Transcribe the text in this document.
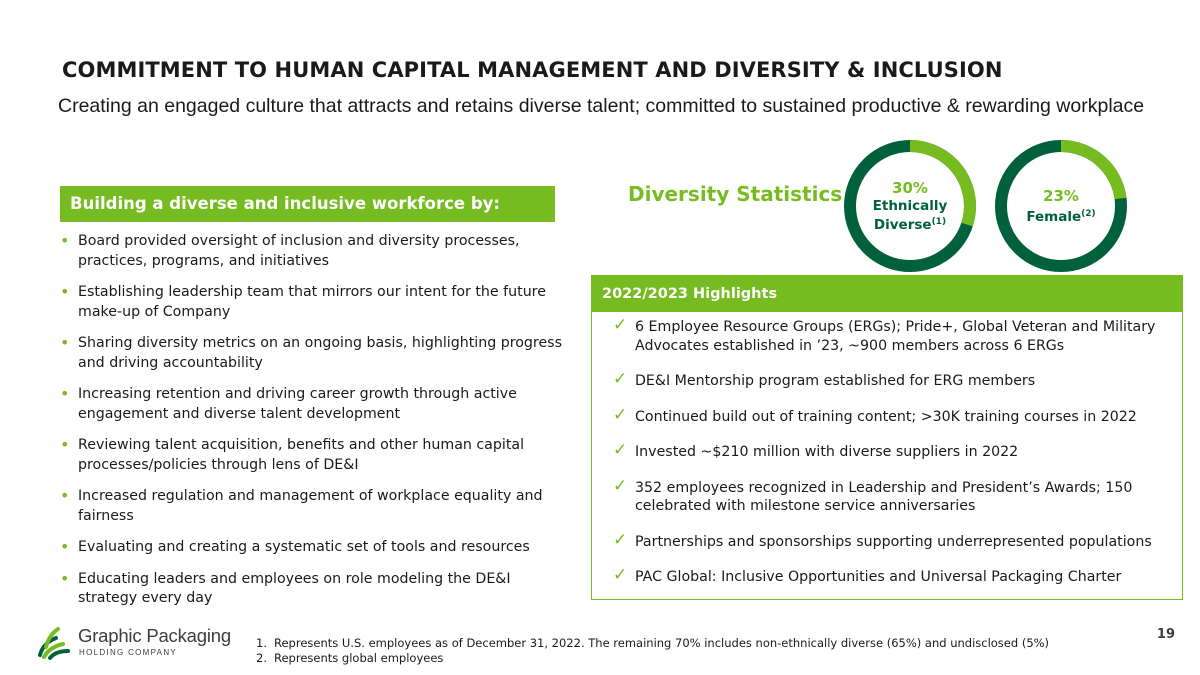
COMMITMENT TO HUMAN CAPITAL MANAGEMENT AND DIVERSITY & INCLUSION

Creating an engaged culture that attracts and retains diverse talent; committed to sustained productive & rewarding workplace

Building a diverse and inclusive workforce by:
• Board provided oversight of inclusion and diversity processes, practices, programs, and initiatives
• Establishing leadership team that mirrors our intent for the future make-up of Company
• Sharing diversity metrics on an ongoing basis, highlighting progress and driving accountability
• Increasing retention and driving career growth through active engagement and diverse talent development
• Reviewing talent acquisition, benefits and other human capital processes/policies through lens of DE&I
• Increased regulation and management of workplace equality and fairness
• Evaluating and creating a systematic set of tools and resources
• Educating leaders and employees on role modeling the DE&I strategy every day
Diversity Statistics	30%
Ethnically
Diverse$^{(1)}$
23%
Female$^{(2)}$
2022/2023 Highlights
✓ 6 Employee Resource Groups (ERGs); Pride+, Global Veteran and Military Advocates established in ’23, ~900 members across 6 ERGs
✓ DE&I Mentorship program established for ERG members
✓ Continued build out of training content; >30K training courses in 2022
✓ Invested ~$210 million with diverse suppliers in 2022
✓ 352 employees recognized in Leadership and President’s Awards; 150 celebrated with milestone service anniversaries
✓ Partnerships and sponsorships supporting underrepresented populations
✓ PAC Global: Inclusive Opportunities and Universal Packaging Charter
Graphic Packaging
HOLDING COMPANY
1. Represents U.S. employees as of December 31, 2022. The remaining 70% includes non-ethnically diverse (65%) and undisclosed (5%)
2. Represents global employees
19
